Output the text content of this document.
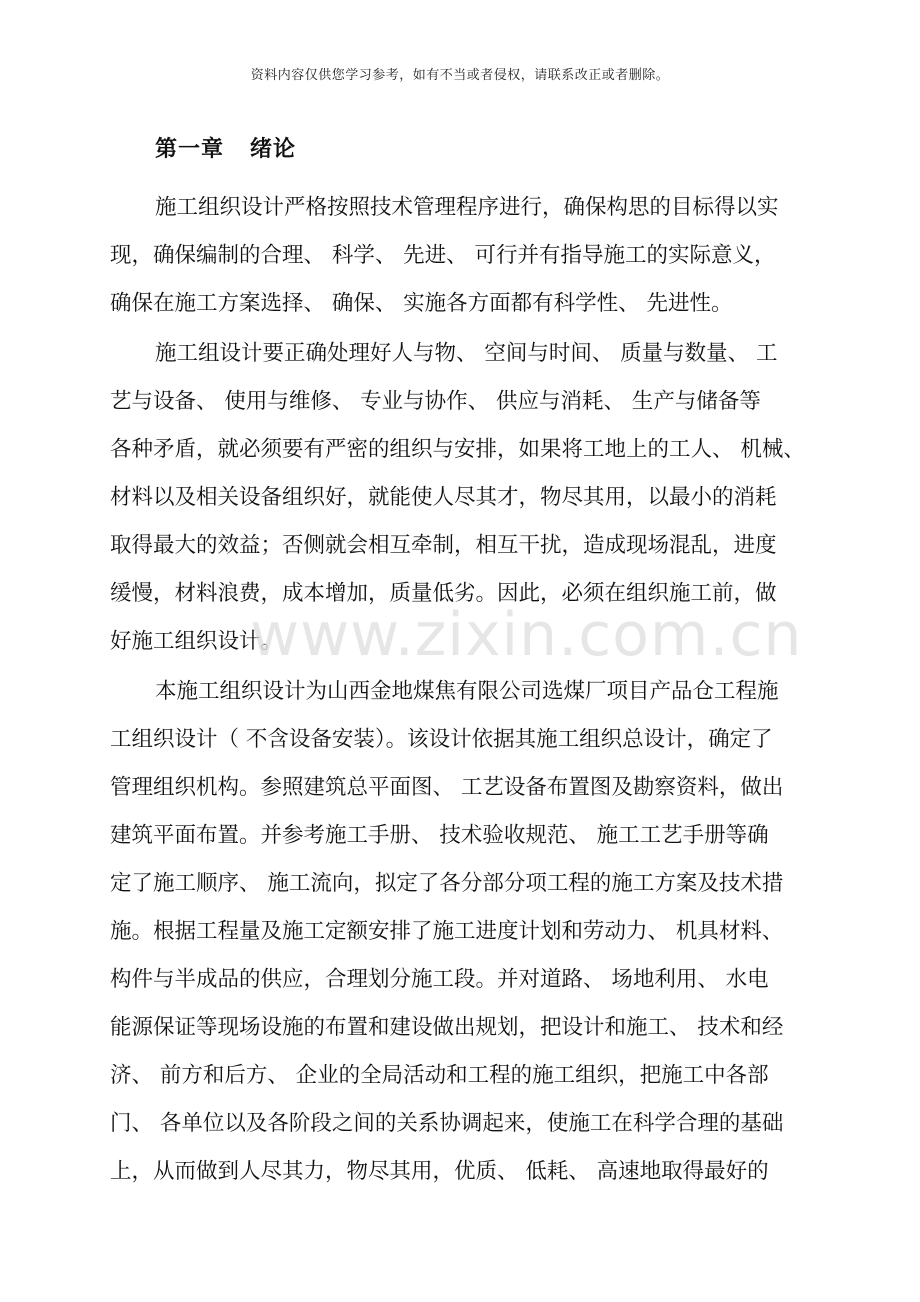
资料内容仅供您学习参考，如有不当或者侵权，请联系改正或者删除。
第一章   绪论
施工组织设计严格按照技术管理程序进行，确保构思的目标得以实
现，确保编制的合理、 科学、 先进、 可行并有指导施工的实际意义，
确保在施工方案选择、 确保、 实施各方面都有科学性、 先进性。
施工组设计要正确处理好人与物、 空间与时间、 质量与数量、 工
艺与设备、 使用与维修、 专业与协作、 供应与消耗、 生产与储备等
各种矛盾，就必须要有严密的组织与安排，如果将工地上的工人、 机械、
材料以及相关设备组织好，就能使人尽其才，物尽其用，以最小的消耗
取得最大的效益；否侧就会相互牵制，相互干扰，造成现场混乱，进度
缓慢，材料浪费，成本增加，质量低劣。因此，必须在组织施工前，做
好施工组织设计。
本施工组织设计为山西金地煤焦有限公司选煤厂项目产品仓工程施
工组织设计（ 不含设备安装）。该设计依据其施工组织总设计，确定了
管理组织机构。参照建筑总平面图、 工艺设备布置图及勘察资料，做出
建筑平面布置。并参考施工手册、 技术验收规范、 施工工艺手册等确
定了施工顺序、 施工流向，拟定了各分部分项工程的施工方案及技术措
施。根据工程量及施工定额安排了施工进度计划和劳动力、 机具材料、
构件与半成品的供应，合理划分施工段。并对道路、 场地利用、 水电
能源保证等现场设施的布置和建设做出规划，把设计和施工、 技术和经
济、 前方和后方、 企业的全局活动和工程的施工组织，把施工中各部
门、 各单位以及各阶段之间的关系协调起来，使施工在科学合理的基础
上，从而做到人尽其力，物尽其用，优质、 低耗、 高速地取得最好的
www.zixin.com.cn
